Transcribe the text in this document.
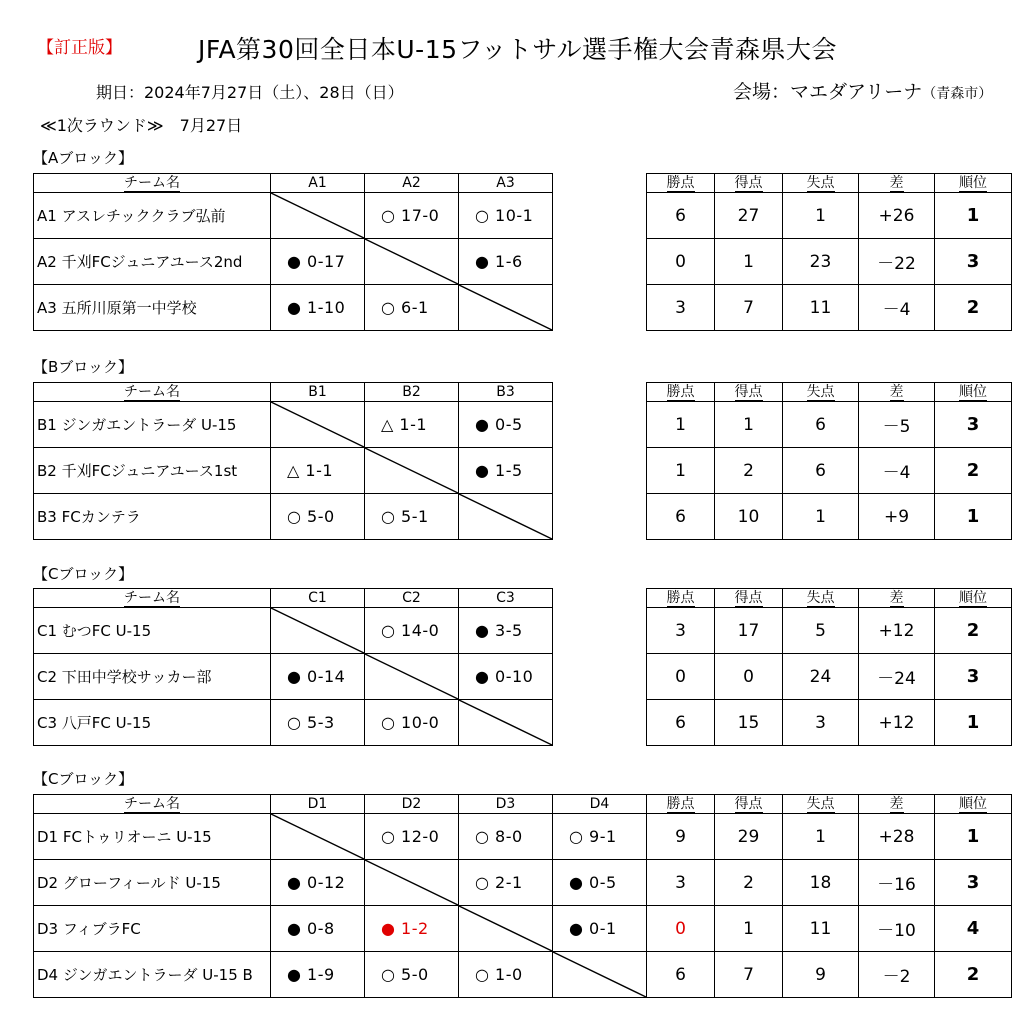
【訂正版】	JFA第30回全日本U-15フットサル選手権大会青森県大会
期日：2024年7月27日（土）、28日（日）	会場：マエダアリーナ（青森市）
≪1次ラウンド≫　7月27日
【Aブロック】
チーム名	A1	A2	A3
A1 アスレチッククラブ弘前		○ 17-0	○ 10-1
A2 千刈FCジュニアユース2nd	● 0-17		● 1-6
A3 五所川原第一中学校	● 1-10	○ 6-1	
勝点	得点	失点	差	順位
6	27	1	+26	1
0	1	23	－22	3
3	7	11	－4	2
【Bブロック】
チーム名	B1	B2	B3
B1 ジンガエントラーダ U-15		△ 1-1	● 0-5
B2 千刈FCジュニアユース1st	△ 1-1		● 1-5
B3 FCカンテラ	○ 5-0	○ 5-1	
勝点	得点	失点	差	順位
1	1	6	－5	3
1	2	6	－4	2
6	10	1	+9	1
【Cブロック】
チーム名	C1	C2	C3
C1 むつFC U-15		○ 14-0	● 3-5
C2 下田中学校サッカー部	● 0-14		● 0-10
C3 八戸FC U-15	○ 5-3	○ 10-0	
勝点	得点	失点	差	順位
3	17	5	+12	2
0	0	24	－24	3
6	15	3	+12	1
【Cブロック】
チーム名	D1	D2	D3	D4	勝点	得点	失点	差	順位
D1 FCトゥリオーニ U-15		○ 12-0	○ 8-0	○ 9-1	9	29	1	+28	1
D2 グローフィールド U-15	● 0-12		○ 2-1	● 0-5	3	2	18	－16	3
D3 フィブラFC	● 0-8	● 1-2		● 0-1	0	1	11	－10	4
D4 ジンガエントラーダ U-15 B	● 1-9	○ 5-0	○ 1-0		6	7	9	－2	2
